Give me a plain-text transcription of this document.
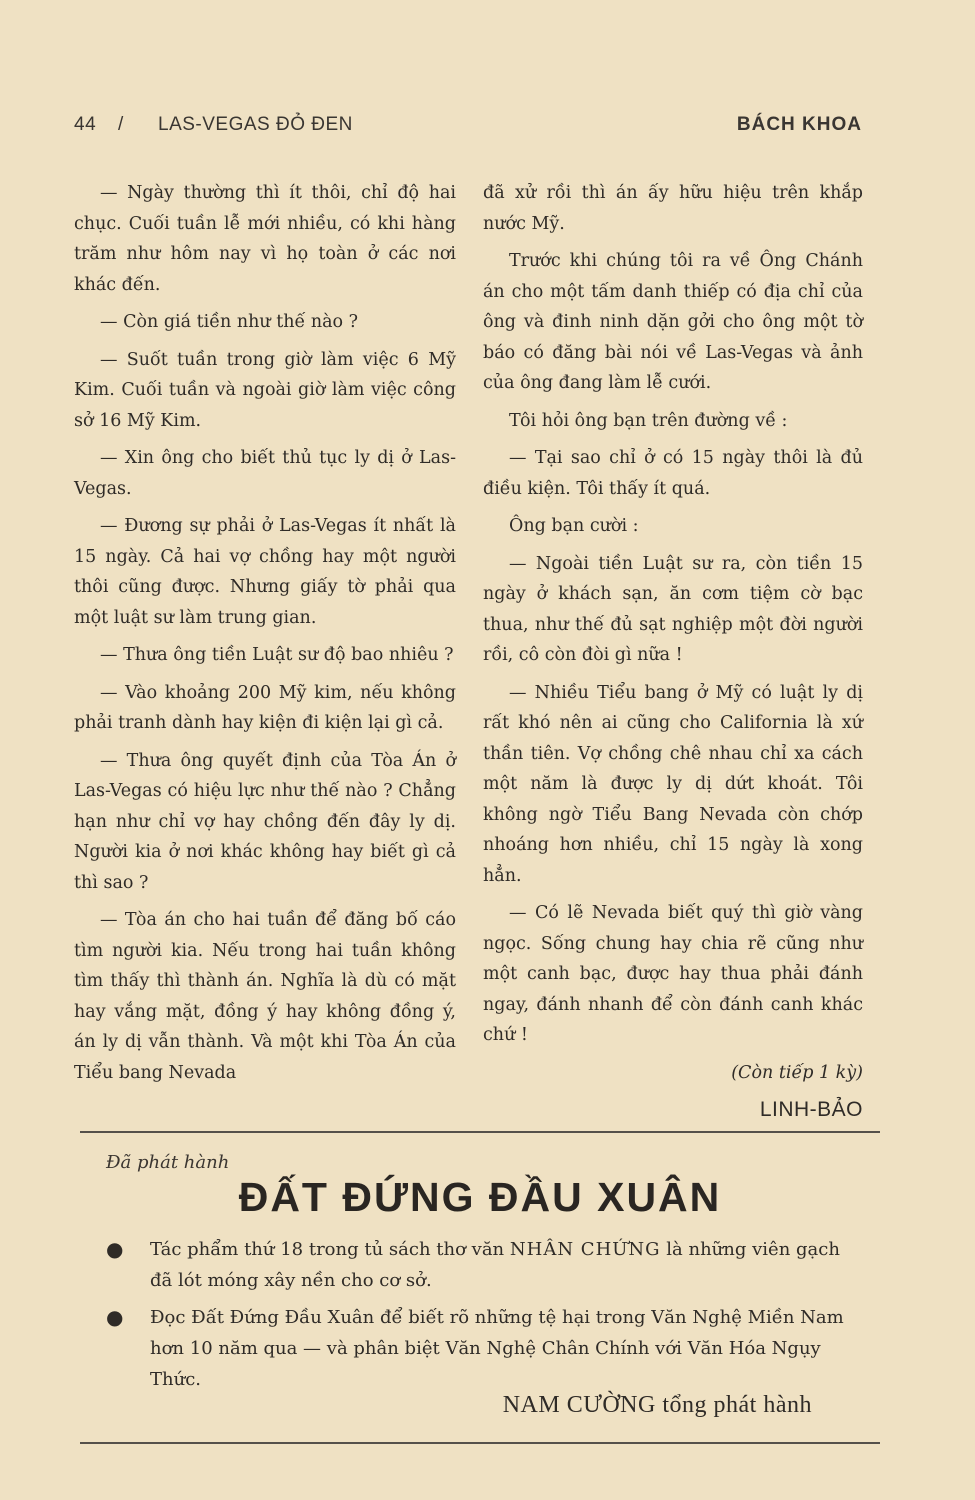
44 / LAS-VEGAS ĐỎ ĐEN	BÁCH KHOA

— Ngày thường thì ít thôi, chỉ độ hai chục. Cuối tuần lễ mới nhiều, có khi hàng trăm như hôm nay vì họ toàn ở các nơi khác đến.

— Còn giá tiền như thế nào ?

— Suốt tuần trong giờ làm việc 6 Mỹ Kim. Cuối tuần và ngoài giờ làm việc công sở 16 Mỹ Kim.

— Xin ông cho biết thủ tục ly dị ở Las-Vegas.

— Đương sự phải ở Las-Vegas ít nhất là 15 ngày. Cả hai vợ chồng hay một người thôi cũng được. Nhưng giấy tờ phải qua một luật sư làm trung gian.

— Thưa ông tiền Luật sư độ bao nhiêu ?

— Vào khoảng 200 Mỹ kim, nếu không phải tranh dành hay kiện đi kiện lại gì cả.

— Thưa ông quyết định của Tòa Án ở Las-Vegas có hiệu lực như thế nào ? Chẳng hạn như chỉ vợ hay chồng đến đây ly dị. Người kia ở nơi khác không hay biết gì cả thì sao ?

— Tòa án cho hai tuần để đăng bố cáo tìm người kia. Nếu trong hai tuần không tìm thấy thì thành án. Nghĩa là dù có mặt hay vắng mặt, đồng ý hay không đồng ý, án ly dị vẫn thành. Và một khi Tòa Án của Tiểu bang Nevada

đã xử rồi thì án ấy hữu hiệu trên khắp nước Mỹ.

Trước khi chúng tôi ra về Ông Chánh án cho một tấm danh thiếp có địa chỉ của ông và đinh ninh dặn gởi cho ông một tờ báo có đăng bài nói về Las-Vegas và ảnh của ông đang làm lễ cưới.

Tôi hỏi ông bạn trên đường về :

— Tại sao chỉ ở có 15 ngày thôi là đủ điều kiện. Tôi thấy ít quá.

Ông bạn cười :

— Ngoài tiền Luật sư ra, còn tiền 15 ngày ở khách sạn, ăn cơm tiệm cờ bạc thua, như thế đủ sạt nghiệp một đời người rồi, cô còn đòi gì nữa !

— Nhiều Tiểu bang ở Mỹ có luật ly dị rất khó nên ai cũng cho California là xứ thần tiên. Vợ chồng chê nhau chỉ xa cách một năm là được ly dị dứt khoát. Tôi không ngờ Tiểu Bang Nevada còn chớp nhoáng hơn nhiều, chỉ 15 ngày là xong hẳn.

— Có lẽ Nevada biết quý thì giờ vàng ngọc. Sống chung hay chia rẽ cũng như một canh bạc, được hay thua phải đánh ngay, đánh nhanh để còn đánh canh khác chứ !

(Còn tiếp 1 kỳ)

LINH-BẢO

Đã phát hành
ĐẤT ĐỨNG ĐẦU XUÂN
● Tác phẩm thứ 18 trong tủ sách thơ văn NHÂN CHỨNG là những viên gạch đã lót móng xây nền cho cơ sở.
● Đọc Đất Đứng Đầu Xuân để biết rõ những tệ hại trong Văn Nghệ Miền Nam hơn 10 năm qua — và phân biệt Văn Nghệ Chân Chính với Văn Hóa Ngụy Thức.
NAM CƯỜNG tổng phát hành
